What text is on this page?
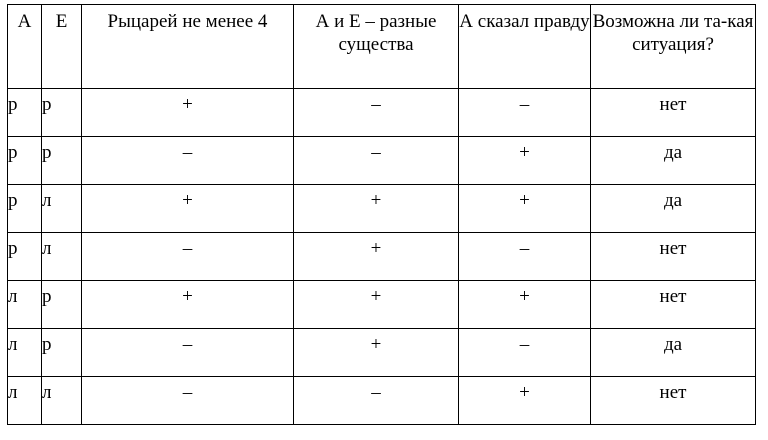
А	Е	Рыцарей не менее 4	А и Е – разные существа	А сказал правду	Возможна ли та-кая ситуация?
р	р	+	–	–	нет
р	р	–	–	+	да
р	л	+	+	+	да
р	л	–	+	–	нет
л	р	+	+	+	нет
л	р	–	+	–	да
л	л	–	–	+	нет
